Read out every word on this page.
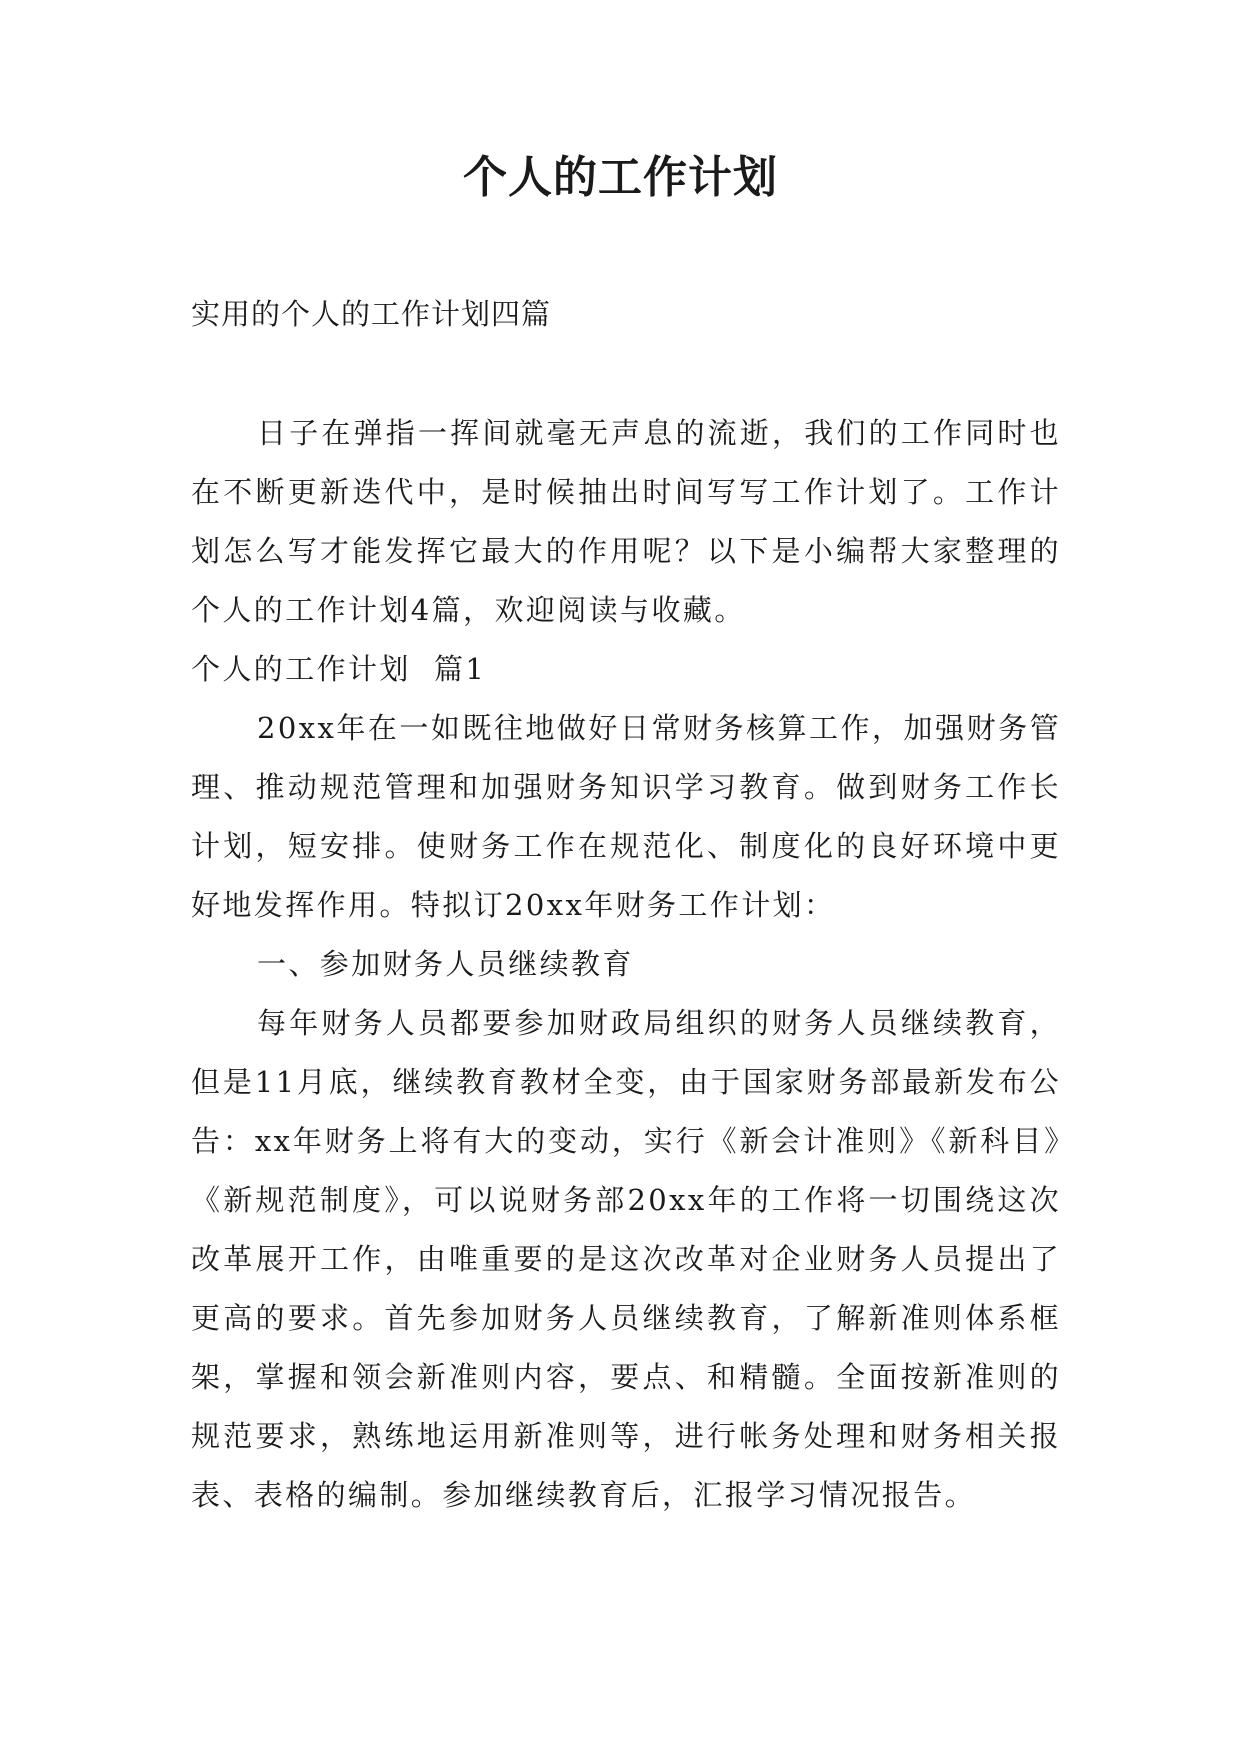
个人的工作计划
实用的个人的工作计划四篇

日子在弹指一挥间就毫无声息的流逝，我们的工作同时也在不断更新迭代中，是时候抽出时间写写工作计划了。工作计划怎么写才能发挥它最大的作用呢？以下是小编帮大家整理的个人的工作计划4篇，欢迎阅读与收藏。

个人的工作计划  篇1

20xx年在一如既往地做好日常财务核算工作，加强财务管理、推动规范管理和加强财务知识学习教育。做到财务工作长计划，短安排。使财务工作在规范化、制度化的良好环境中更好地发挥作用。特拟订20xx年财务工作计划：

一、参加财务人员继续教育

每年财务人员都要参加财政局组织的财务人员继续教育，但是11月底，继续教育教材全变，由于国家财务部最新发布公告：xx年财务上将有大的变动，实行《新会计准则》《新科目》《新规范制度》，可以说财务部20xx年的工作将一切围绕这次改革展开工作，由唯重要的是这次改革对企业财务人员提出了更高的要求。首先参加财务人员继续教育，了解新准则体系框架，掌握和领会新准则内容，要点、和精髓。全面按新准则的规范要求，熟练地运用新准则等，进行帐务处理和财务相关报表、表格的编制。参加继续教育后，汇报学习情况报告。
